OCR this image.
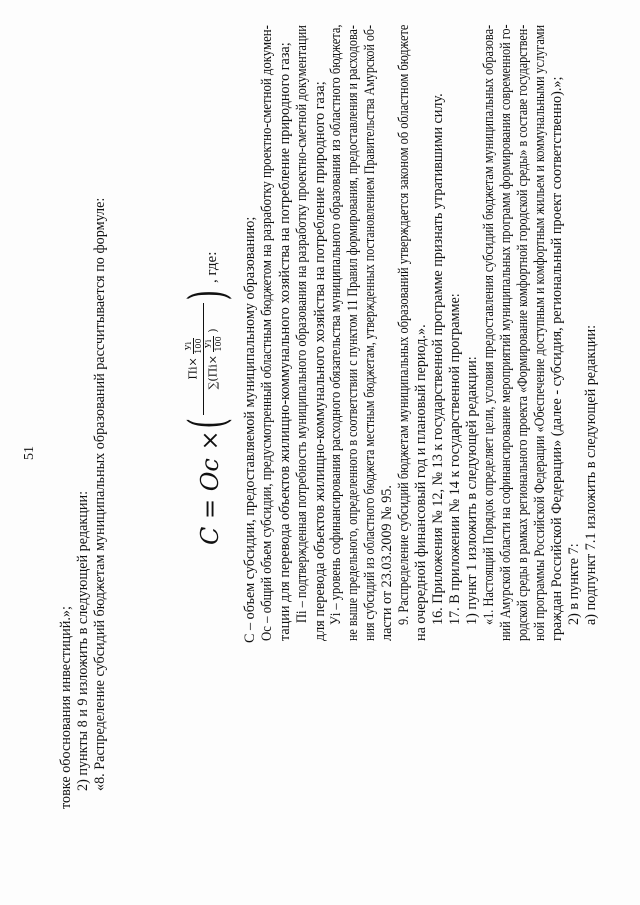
51
товке обоснования инвестиций.»; 2) пункты 8 и 9 изложить в следующей редакции: «8. Распределение субсидий бюджетам муниципальных образований рассчитывается по формуле:	С – объем субсидии, предоставляемой муниципальному образованию; Ос – общий объем субсидии, предусмотренный областным бюджетом на разработку проектно-сметной докумен- тации для перевода объектов жилищно-коммунального хозяйства на потребление природного газа; Пi – подтвержденная потребность муниципального образования на разработку проектно-сметной документации для перевода объектов жилищно-коммунального хозяйства на потребление природного газа; Уi – уровень софинансирования расходного обязательства муниципального образования из областного бюджета, не выше предельного, определенного в соответствии с пунктом 11 Правил формирования, предоставления и расходова- ния субсидий из областного бюджета местным бюджетам, утвержденных постановлением Правительства Амурской об- ласти от 23.03.2009 № 95. 9. Распределение субсидий бюджетам муниципальных образований утверждается законом об областном бюджете на очередной финансовый год и плановый период.». 16. Приложения № 12, № 13 к государственной программе признать утратившими силу. 17. В приложении № 14 к государственной программе: 1) пункт 1 изложить в следующей редакции: «1. Настоящий Порядок определяет цели, условия предоставления субсидий бюджетам муниципальных образова- ний Амурской области на софинансирование мероприятий муниципальных программ формирования современной го- родской среды в рамках регионального проекта «Формирование комфортной городской среды» в составе государствен- ной программы Российской Федерации «Обеспечение доступным и комфортным жильем и коммунальными услугами граждан Российской Федерации» (далее - субсидия, региональный проект соответственно).»; 2) в пункте 7: а) подпункт 7.1 изложить в следующей редакции:
C = Oc ×
(
Пi×
Уi 100
∑(Пi×
Уi 100
)
)
, где:
